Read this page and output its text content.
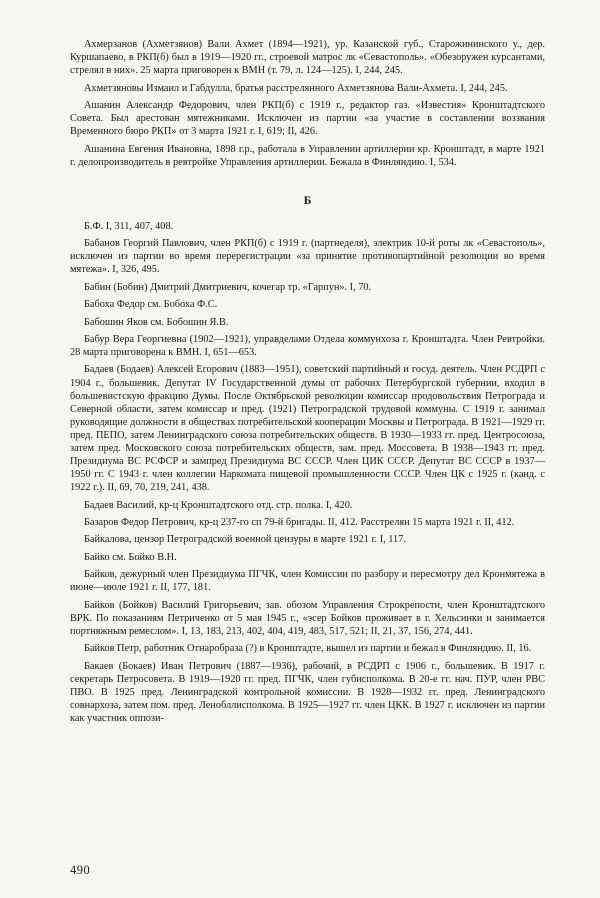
Ахмерзанов (Ахметзянов) Вали Ахмет (1894—1921), ур. Казанской губ., Старожининского у., дер. Куршапаево, в РКП(б) был в 1919—1920 гг., строевой матрос лк «Севастополь». «Обезоружен курсантами, стрелял в них». 25 марта приговорен к ВМН (т. 79, л. 124—125). I, 244, 245.

Ахметзяновы Измаил и Габдулла, братья расстрелянного Ахметзянова Вали-Ахмета. I, 244, 245.

Ашанин Александр Федорович, член РКП(б) с 1919 г., редактор газ. «Известия» Кронштадтского Совета. Был арестован мятежниками. Исключен из партии «за участие в составлении воззвания Временного бюро РКП» от 3 марта 1921 г. I, 619; II, 426.

Ашанина Евгения Ивановна, 1898 г.р., работала в Управлении артиллерии кр. Кронштадт, в марте 1921 г. делопроизводитель в ревтройке Управления артиллерии. Бежала в Финляндию. I, 534.

Б

Б.Ф. I, 311, 407, 408.

Бабанов Георгий Павлович, член РКП(б) с 1919 г. (партнеделя), электрик 10-й роты лк «Севастополь», исключен из партии во время перерегистрации «за принятие противопартийной резолюции во время мятежа». I, 326, 495.

Бабин (Бобин) Дмитрий Дмитриевич, кочегар тр. «Гарпун». I, 70.

Бабоха Федор см. Бобоха Ф.С.

Бабошин Яков см. Бобошин Я.В.

Бабур Вера Георгиевна (1902—1921), управделами Отдела коммунхоза г. Кронштадта. Член Ревтройки. 28 марта приговорена к ВМН. I, 651—653.

Бадаев (Бодаев) Алексей Егорович (1883—1951), советский партийный и госуд. деятель. Член РСДРП с 1904 г., большевик. Депутат IV Государственной думы от рабочих Петербургской губернии, входил в большевистскую фракцию Думы. После Октябрьской революции комиссар продовольствия Петрограда и Северной области, затем комиссар и пред. (1921) Петроградской трудовой коммуны. С 1919 г. занимал руководящие должности в обществах потребительской кооперации Москвы и Петрограда. В 1921—1929 гг. пред. ПЕПО, затем Ленинградского союза потребительских обществ. В 1930—1933 гг. пред. Центросоюза, затем пред. Московского союза потребительских обществ, зам. пред. Моссовета. В 1938—1943 гг. пред. Президиума ВС РСФСР и зампред Президиума ВС СССР. Член ЦИК СССР. Депутат ВС СССР в 1937—1950 гг. С 1943 г. член коллегии Наркомата пищевой промышленности СССР. Член ЦК с 1925 г. (канд. с 1922 г.). II, 69, 70, 219, 241, 438.

Бадаев Василий, кр-ц Кронштадтского отд. стр. полка. I, 420.

Базаров Федор Петрович, кр-ц 237-го сп 79-й бригады. II, 412. Расстрелян 15 марта 1921 г. II, 412.

Байкалова, цензор Петроградской военной цензуры в марте 1921 г. I, 117.

Байко см. Бойко В.Н.

Байков, дежурный член Президиума ПГЧК, член Комиссии по разбору и пересмотру дел Кронмятежа в июне—июле 1921 г. II, 177, 181.

Байков (Бойков) Василий Григорьевич, зав. обозом Управления Строкрепости, член Кронштадтского ВРК. По показаниям Петриченко от 5 мая 1945 г., «эсер Бойков проживает в г. Хельсинки и занимается портняжным ремеслом». I, 13, 183, 213, 402, 404, 419, 483, 517, 521; II, 21, 37, 156, 274, 441.

Байков Петр, работник Отнаробраза (?) в Кронштадте, вышел из партии и бежал в Финляндию. II, 16.

Бакаев (Бокаев) Иван Петрович (1887—1936), рабочий, в РСДРП с 1906 г., большевик. В 1917 г. секретарь Петросовета. В 1919—1920 гг. пред. ПГЧК, член губисполкома. В 20-е гг. нач. ПУР, член РВС ПВО. В 1925 пред. Ленинградской контрольной комиссии. В 1928—1932 гг. пред. Ленинградского совнархоза, затем пом. пред. Ленобллисполкома. В 1925—1927 гг. член ЦКК. В 1927 г. исключен из партии как участник оппози-

490
